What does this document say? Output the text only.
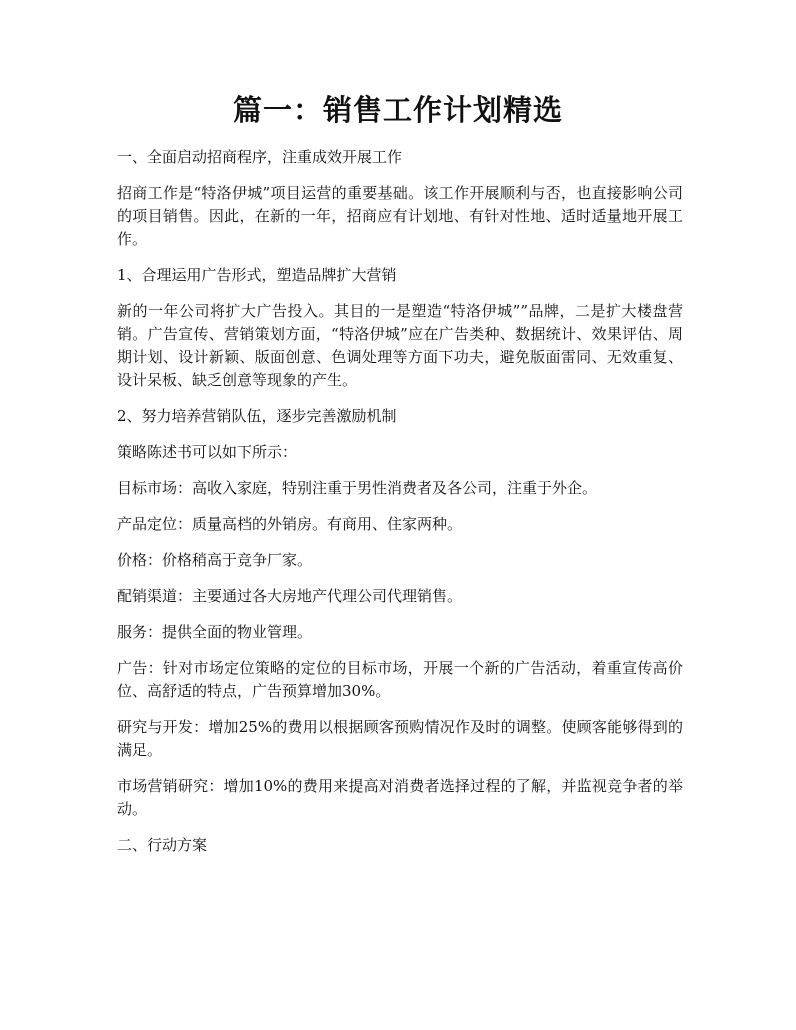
篇一：销售工作计划精选

一、全面启动招商程序，注重成效开展工作

招商工作是“特洛伊城”项目运营的重要基础。该工作开展顺利与否，也直接影响公司的项目销售。因此，在新的一年，招商应有计划地、有针对性地、适时适量地开展工作。

1、合理运用广告形式，塑造品牌扩大营销

新的一年公司将扩大广告投入。其目的一是塑造“特洛伊城””品牌，二是扩大楼盘营销。广告宣传、营销策划方面，“特洛伊城”应在广告类种、数据统计、效果评估、周期计划、设计新颖、版面创意、色调处理等方面下功夫，避免版面雷同、无效重复、设计呆板、缺乏创意等现象的产生。

2、努力培养营销队伍，逐步完善激励机制

策略陈述书可以如下所示：

目标市场：高收入家庭，特别注重于男性消费者及各公司，注重于外企。

产品定位：质量高档的外销房。有商用、住家两种。

价格：价格稍高于竞争厂家。

配销渠道：主要通过各大房地产代理公司代理销售。

服务：提供全面的物业管理。

广告：针对市场定位策略的定位的目标市场，开展一个新的广告活动，着重宣传高价位、高舒适的特点，广告预算增加30%。

研究与开发：增加25%的费用以根据顾客预购情况作及时的调整。使顾客能够得到的满足。

市场营销研究：增加10%的费用来提高对消费者选择过程的了解，并监视竞争者的举动。

二、行动方案
